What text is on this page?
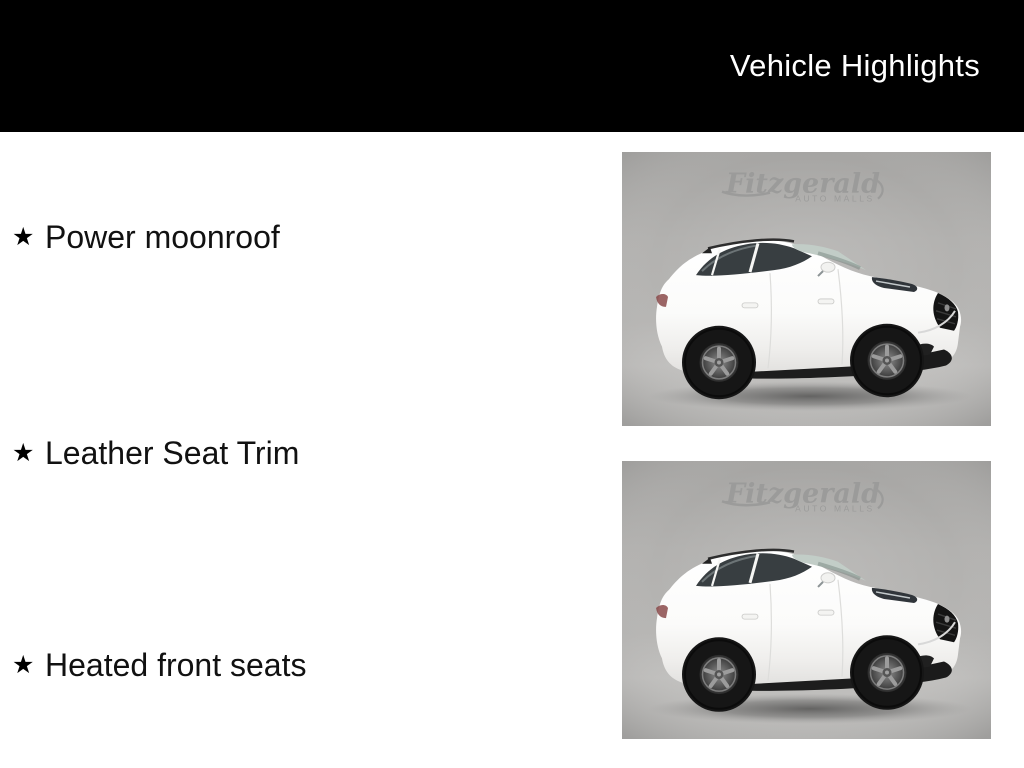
Vehicle Highlights
★ Power moonroof
★ Leather Seat Trim
★ Heated front seats
